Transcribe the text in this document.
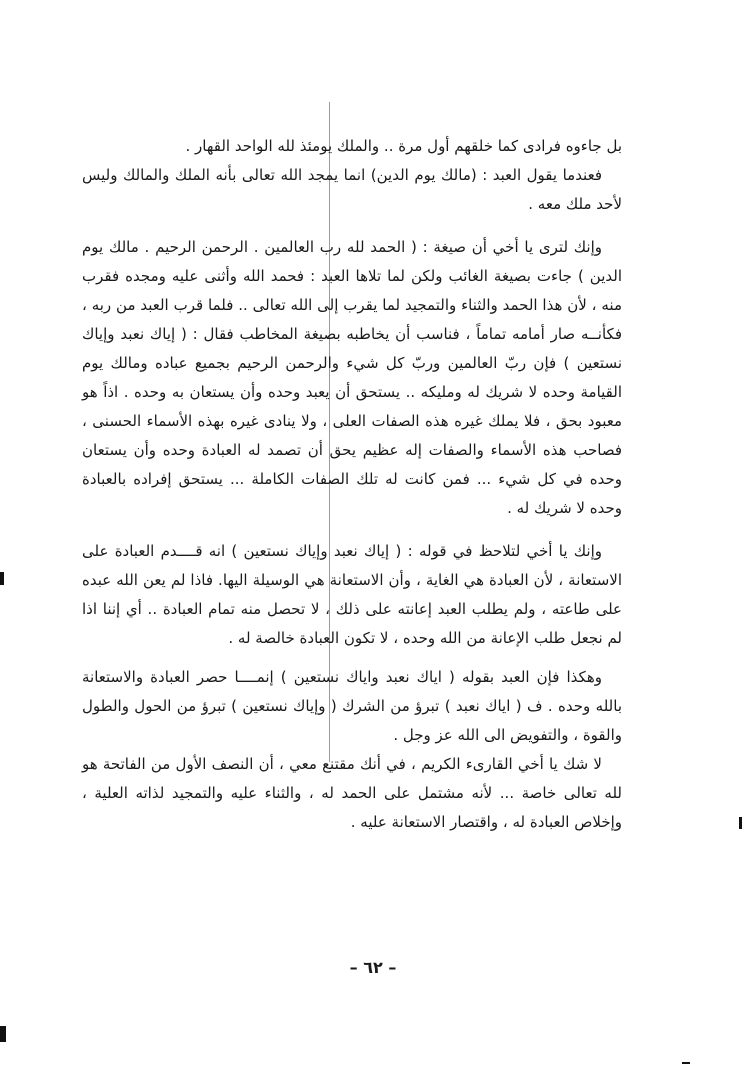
بل جاءوه فرادى كما خلقهم أول مرة .. والملك يومئذ لله الواحد القهار .

فعندما يقول العبد : (مالك يوم الدين) انما يمجد الله تعالى بأنه الملك والمالك وليس لأحد ملك معه .

وإنك لترى يا أخي أن صيغة : ( الحمد لله رب العالمين . الرحمن الرحيم . مالك يوم الدين ) جاءت بصيغة الغائب ولكن لما تلاها العبد : فحمد الله وأثنى عليه ومجده فقرب منه ، لأن هذا الحمد والثناء والتمجيد لما يقرب إلى الله تعالى .. فلما قرب العبد من ربه ، فكأنــه صار أمامه تماماً ، فناسب أن يخاطبه بصيغة المخاطب فقال : ( إياك نعبد وإياك نستعين ) فإن ربّ العالمين وربّ كل شيء والرحمن الرحيم بجميع عباده ومالك يوم القيامة وحده لا شريك له ومليكه .. يستحق أن يعبد وحده وأن يستعان به وحده . اذاً هو معبود بحق ، فلا يملك غيره هذه الصفات العلى ، ولا ينادى غيره بهذه الأسماء الحسنى ، فصاحب هذه الأسماء والصفات إله عظيم يحق أن تصمد له العبادة وحده وأن يستعان وحده في كل شيء ... فمن كانت له تلك الصفات الكاملة ... يستحق إفراده بالعبادة وحده لا شريك له .

وإنك يا أخي لتلاحظ في قوله : ( إياك نعبد وإياك نستعين ) انه قــــدم العبادة على الاستعانة ، لأن العبادة هي الغاية ، وأن الاستعانة هي الوسيلة اليها. فاذا لم يعن الله عبده على طاعته ، ولم يطلب العبد إعانته على ذلك ، لا تحصل منه تمام العبادة .. أي إننا اذا لم نجعل طلب الإعانة من الله وحده ، لا تكون العبادة خالصة له .

وهكذا فإن العبد بقوله ( اياك نعبد واياك نستعين ) إنمــــا حصر العبادة والاستعانة بالله وحده . ف ( اياك نعبد ) تبرؤ من الشرك ( وإياك نستعين ) تبرؤ من الحول والطول والقوة ، والتفويض الى الله عز وجل .

لا شك يا أخي القارىء الكريم ، في أنك مقتنع معي ، أن النصف الأول من الفاتحة هو لله تعالى خاصة ... لأنه مشتمل على الحمد له ، والثناء عليه والتمجيد لذاته العلية ، وإخلاص العبادة له ، واقتصار الاستعانة عليه .

– ٦٢ –
